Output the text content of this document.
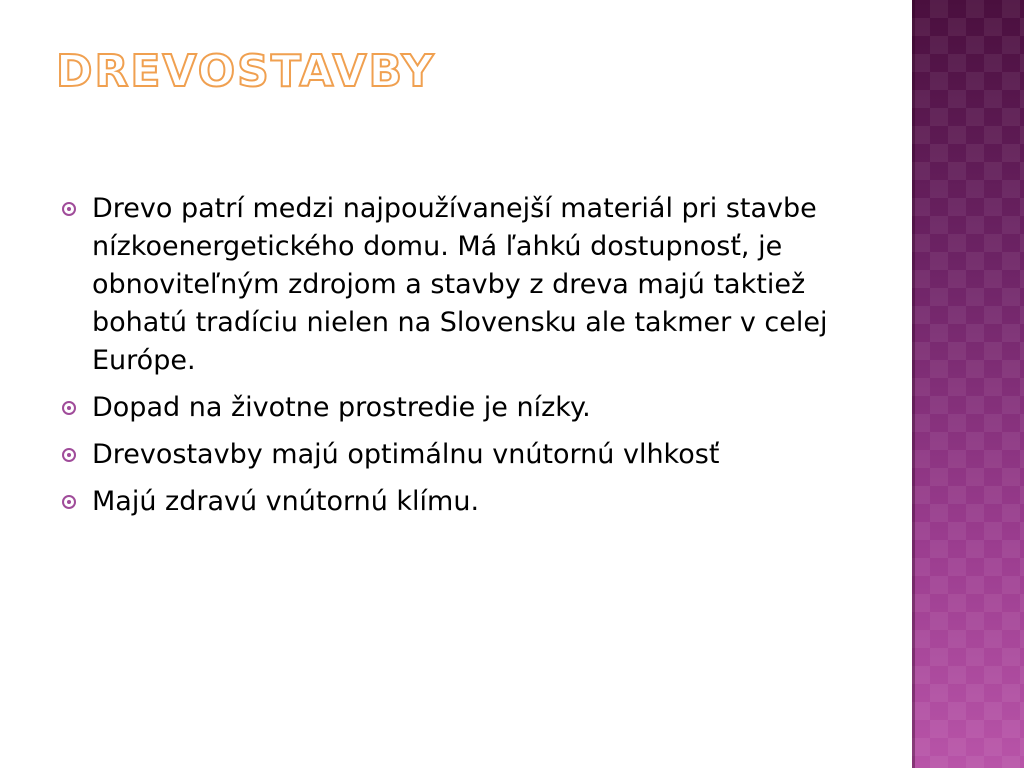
DREVOSTAVBY
Drevo patrí medzi najpoužívanejší materiál pri stavbe nízkoenergetického domu. Má ľahkú dostupnosť, je obnoviteľným zdrojom a stavby z dreva majú taktiež bohatú tradíciu nielen na Slovensku ale takmer v celej Európe.
Dopad na životne prostredie je nízky.
Drevostavby majú optimálnu vnútornú vlhkosť
Majú zdravú vnútornú klímu.
